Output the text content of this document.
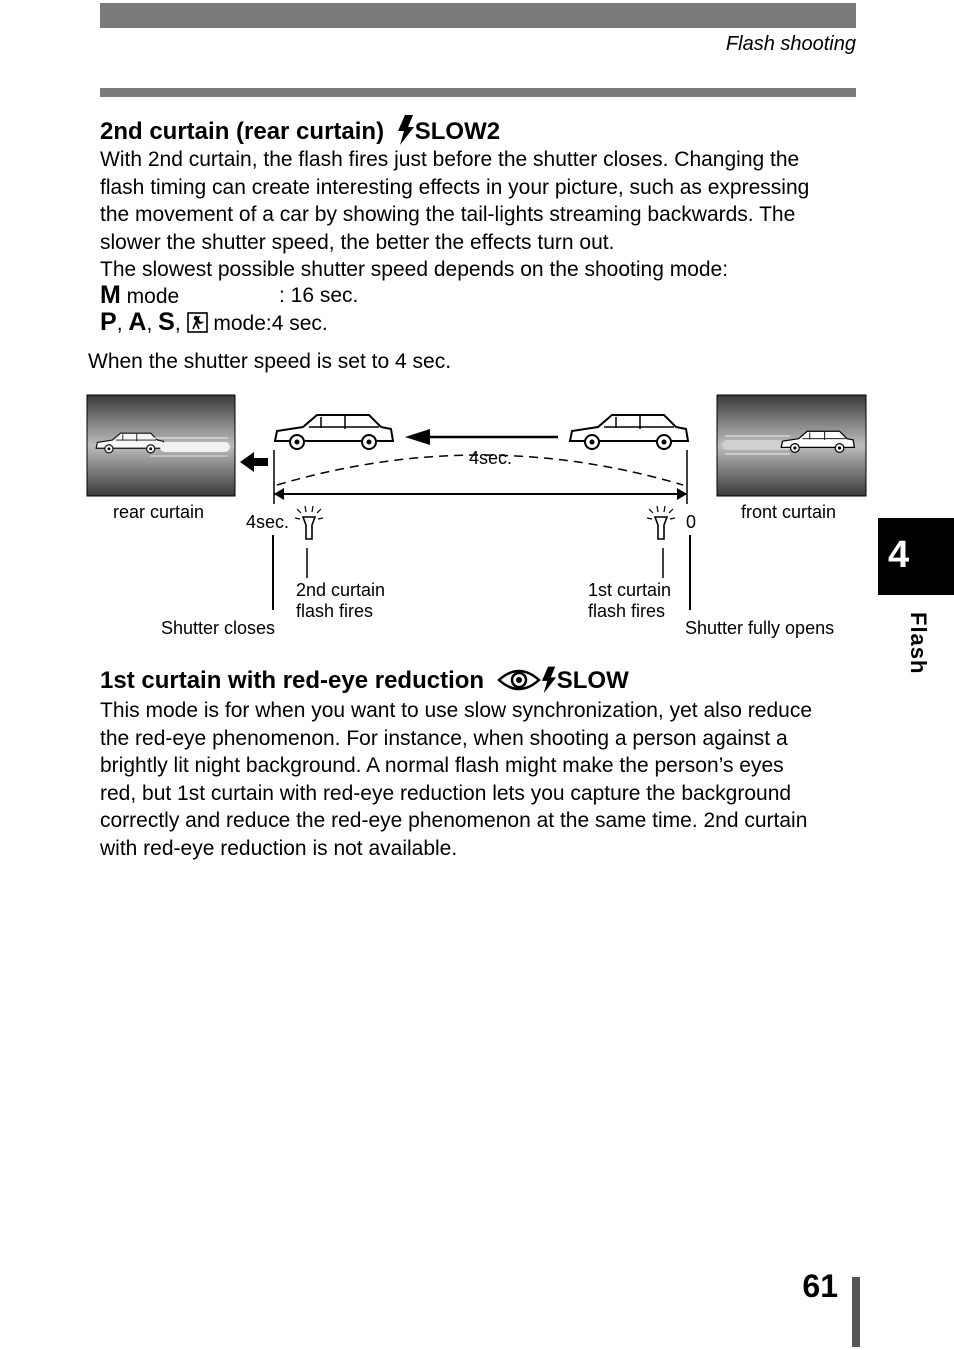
Flash shooting
2nd curtain (rear curtain) SLOW2
With 2nd curtain, the flash fires just before the shutter closes. Changing the
flash timing can create interesting effects in your picture, such as expressing
the movement of a car by showing the tail-lights streaming backwards. The
slower the shutter speed, the better the effects turn out.
The slowest possible shutter speed depends on the shooting mode:
M mode	: 16 sec.
P, A, S, mode:4 sec.
When the shutter speed is set to 4 sec.
4sec.
rear curtain	front curtain
4sec.	0
2nd curtain
flash fires
1st curtain
flash fires
Shutter closes	Shutter fully opens
1st curtain with red-eye reduction	SLOW
This mode is for when you want to use slow synchronization, yet also reduce
the red-eye phenomenon. For instance, when shooting a person against a
brightly lit night background. A normal flash might make the person’s eyes
red, but 1st curtain with red-eye reduction lets you capture the background
correctly and reduce the red-eye phenomenon at the same time. 2nd curtain
with red-eye reduction is not available.
4
Flash
61
